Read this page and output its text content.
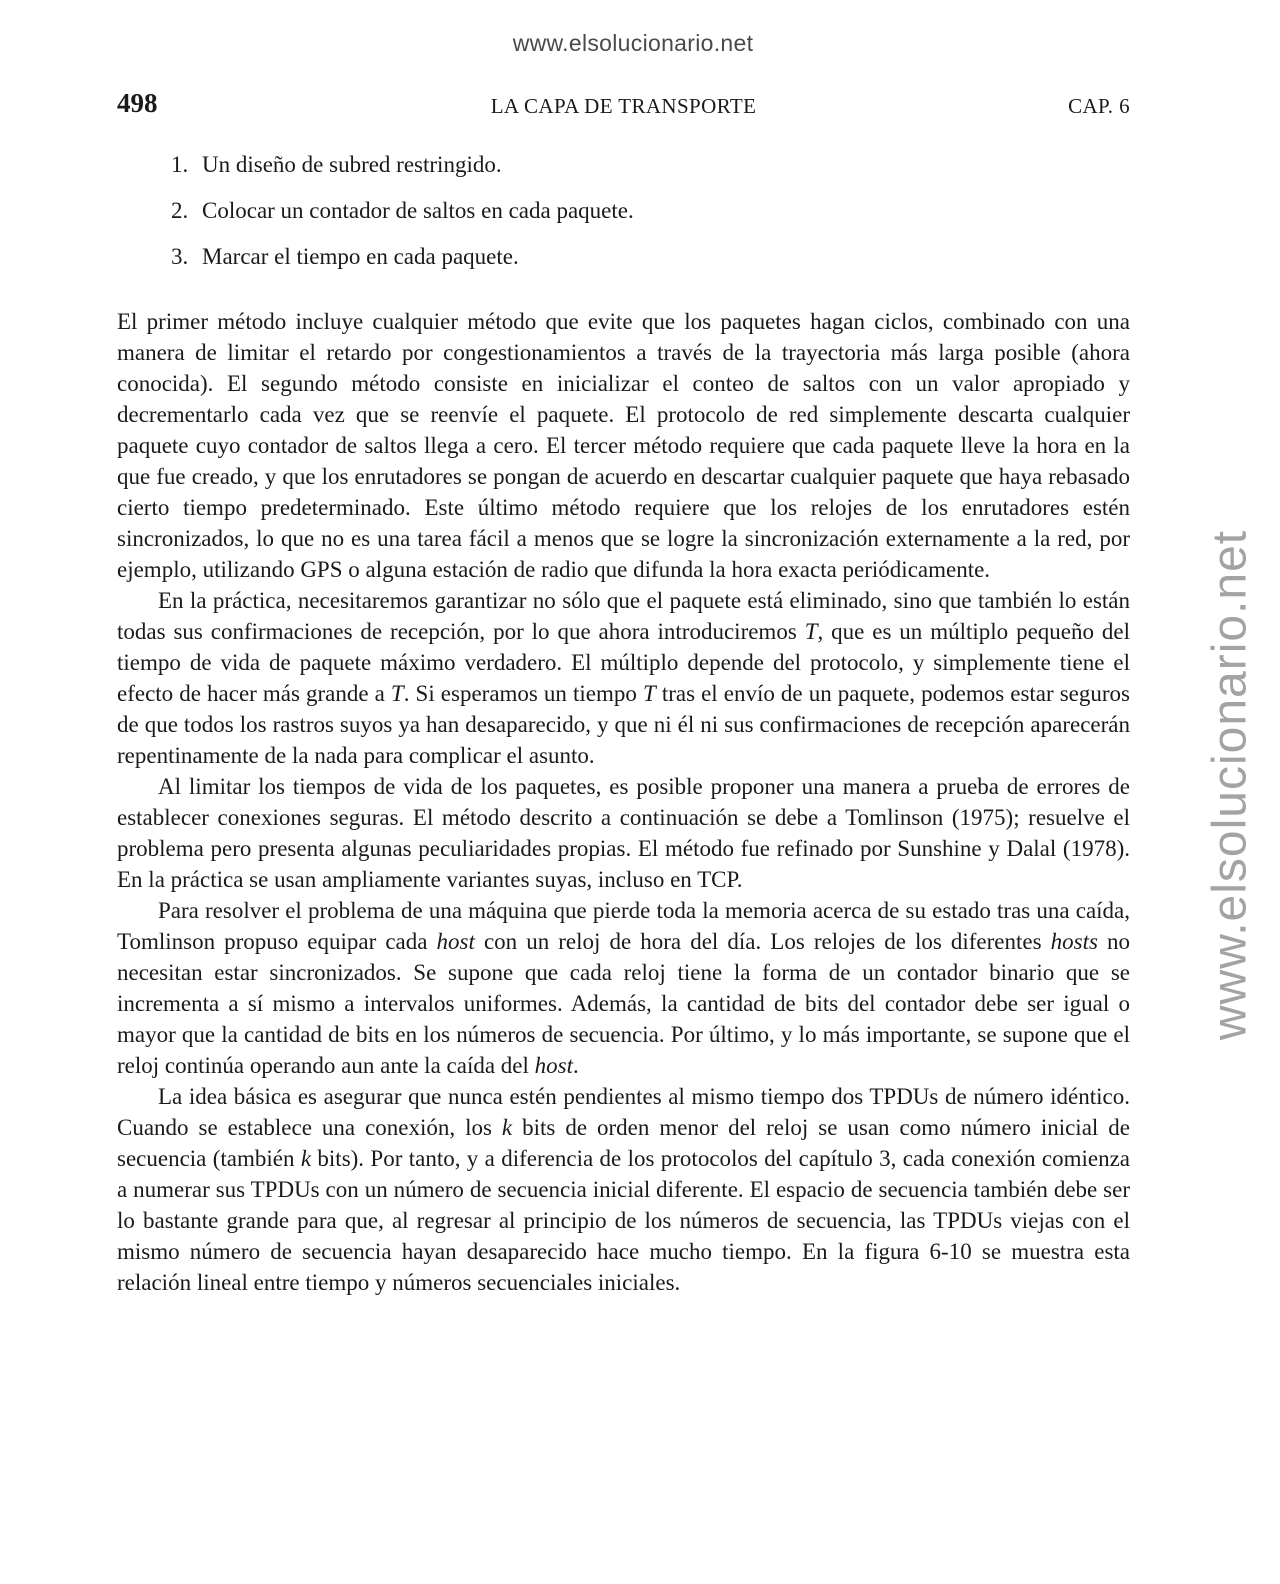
www.elsolucionario.net
498	LA CAPA DE TRANSPORTE	CAP. 6
1. Un diseño de subred restringido.
2. Colocar un contador de saltos en cada paquete.
3. Marcar el tiempo en cada paquete.

El primer método incluye cualquier método que evite que los paquetes hagan ciclos, combinado con una manera de limitar el retardo por congestionamientos a través de la trayectoria más larga posible (ahora conocida). El segundo método consiste en inicializar el conteo de saltos con un valor apropiado y decrementarlo cada vez que se reenvíe el paquete. El protocolo de red simplemente descarta cualquier paquete cuyo contador de saltos llega a cero. El tercer método requiere que cada paquete lleve la hora en la que fue creado, y que los enrutadores se pongan de acuerdo en descartar cualquier paquete que haya rebasado cierto tiempo predeterminado. Este último método requiere que los relojes de los enrutadores estén sincronizados, lo que no es una tarea fácil a menos que se logre la sincronización externamente a la red, por ejemplo, utilizando GPS o alguna estación de radio que difunda la hora exacta periódicamente.

En la práctica, necesitaremos garantizar no sólo que el paquete está eliminado, sino que también lo están todas sus confirmaciones de recepción, por lo que ahora introduciremos T, que es un múltiplo pequeño del tiempo de vida de paquete máximo verdadero. El múltiplo depende del protocolo, y simplemente tiene el efecto de hacer más grande a T. Si esperamos un tiempo T tras el envío de un paquete, podemos estar seguros de que todos los rastros suyos ya han desaparecido, y que ni él ni sus confirmaciones de recepción aparecerán repentinamente de la nada para complicar el asunto.

Al limitar los tiempos de vida de los paquetes, es posible proponer una manera a prueba de errores de establecer conexiones seguras. El método descrito a continuación se debe a Tomlinson (1975); resuelve el problema pero presenta algunas peculiaridades propias. El método fue refinado por Sunshine y Dalal (1978). En la práctica se usan ampliamente variantes suyas, incluso en TCP.

Para resolver el problema de una máquina que pierde toda la memoria acerca de su estado tras una caída, Tomlinson propuso equipar cada host con un reloj de hora del día. Los relojes de los diferentes hosts no necesitan estar sincronizados. Se supone que cada reloj tiene la forma de un contador binario que se incrementa a sí mismo a intervalos uniformes. Además, la cantidad de bits del contador debe ser igual o mayor que la cantidad de bits en los números de secuencia. Por último, y lo más importante, se supone que el reloj continúa operando aun ante la caída del host.

La idea básica es asegurar que nunca estén pendientes al mismo tiempo dos TPDUs de número idéntico. Cuando se establece una conexión, los k bits de orden menor del reloj se usan como número inicial de secuencia (también k bits). Por tanto, y a diferencia de los protocolos del capítulo 3, cada conexión comienza a numerar sus TPDUs con un número de secuencia inicial diferente. El espacio de secuencia también debe ser lo bastante grande para que, al regresar al principio de los números de secuencia, las TPDUs viejas con el mismo número de secuencia hayan desaparecido hace mucho tiempo. En la figura 6-10 se muestra esta relación lineal entre tiempo y números secuenciales iniciales.

www.elsolucionario.net
